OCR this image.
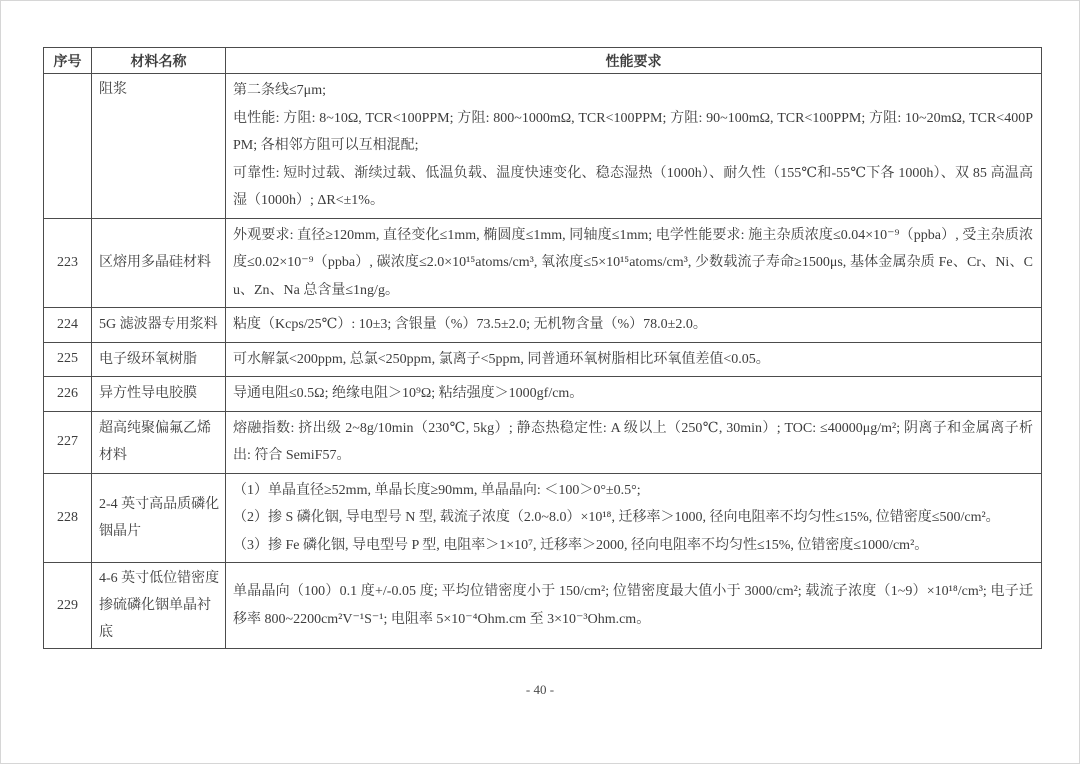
序号	材料名称	性能要求
	阻浆	第二条线≤7μm;

电性能: 方阻: 8~10Ω, TCR<100PPM; 方阻: 800~1000mΩ, TCR<100PPM; 方阻: 90~100mΩ, TCR<100PPM; 方阻: 10~20mΩ, TCR<400PPM; 各相邻方阻可以互相混配;

可靠性: 短时过载、渐续过载、低温负载、温度快速变化、稳态湿热（1000h）、耐久性（155℃和-55℃下各 1000h）、双 85 高温高湿（1000h）; ΔR<±1%。

223	区熔用多晶硅材料	外观要求: 直径≥120mm, 直径变化≤1mm, 椭圆度≤1mm, 同轴度≤1mm; 电学性能要求: 施主杂质浓度≤0.04×10⁻⁹（ppba）, 受主杂质浓度≤0.02×10⁻⁹（ppba）, 碳浓度≤2.0×10¹⁵atoms/cm³, 氧浓度≤5×10¹⁵atoms/cm³, 少数载流子寿命≥1500μs, 基体金属杂质 Fe、Cr、Ni、Cu、Zn、Na 总含量≤1ng/g。

224	5G 滤波器专用浆料	粘度（Kcps/25℃）: 10±3; 含银量（%）73.5±2.0; 无机物含量（%）78.0±2.0。

225	电子级环氧树脂	可水解氯<200ppm, 总氯<250ppm, 氯离子<5ppm, 同普通环氧树脂相比环氧值差值<0.05。

226	异方性导电胶膜	导通电阻≤0.5Ω; 绝缘电阻＞10⁹Ω; 粘结强度＞1000gf/cm。

227	超高纯聚偏氟乙烯材料	熔融指数: 挤出级 2~8g/10min（230℃, 5kg）; 静态热稳定性: A 级以上（250℃, 30min）; TOC: ≤40000μg/m²; 阴离子和金属离子析出: 符合 SemiF57。

228	2-4 英寸高品质磷化铟晶片	（1）单晶直径≥52mm, 单晶长度≥90mm, 单晶晶向: ＜100＞0°±0.5°;

（2）掺 S 磷化铟, 导电型号 N 型, 载流子浓度（2.0~8.0）×10¹⁸, 迁移率＞1000, 径向电阻率不均匀性≤15%, 位错密度≤500/cm²。

（3）掺 Fe 磷化铟, 导电型号 P 型, 电阻率＞1×10⁷, 迁移率＞2000, 径向电阻率不均匀性≤15%, 位错密度≤1000/cm²。

229	4-6 英寸低位错密度掺硫磷化铟单晶衬底	单晶晶向（100）0.1 度+/-0.05 度; 平均位错密度小于 150/cm²; 位错密度最大值小于 3000/cm²; 载流子浓度（1~9）×10¹⁸/cm³; 电子迁移率 800~2200cm²V⁻¹S⁻¹; 电阻率 5×10⁻⁴Ohm.cm 至 3×10⁻³Ohm.cm。

- 40 -
